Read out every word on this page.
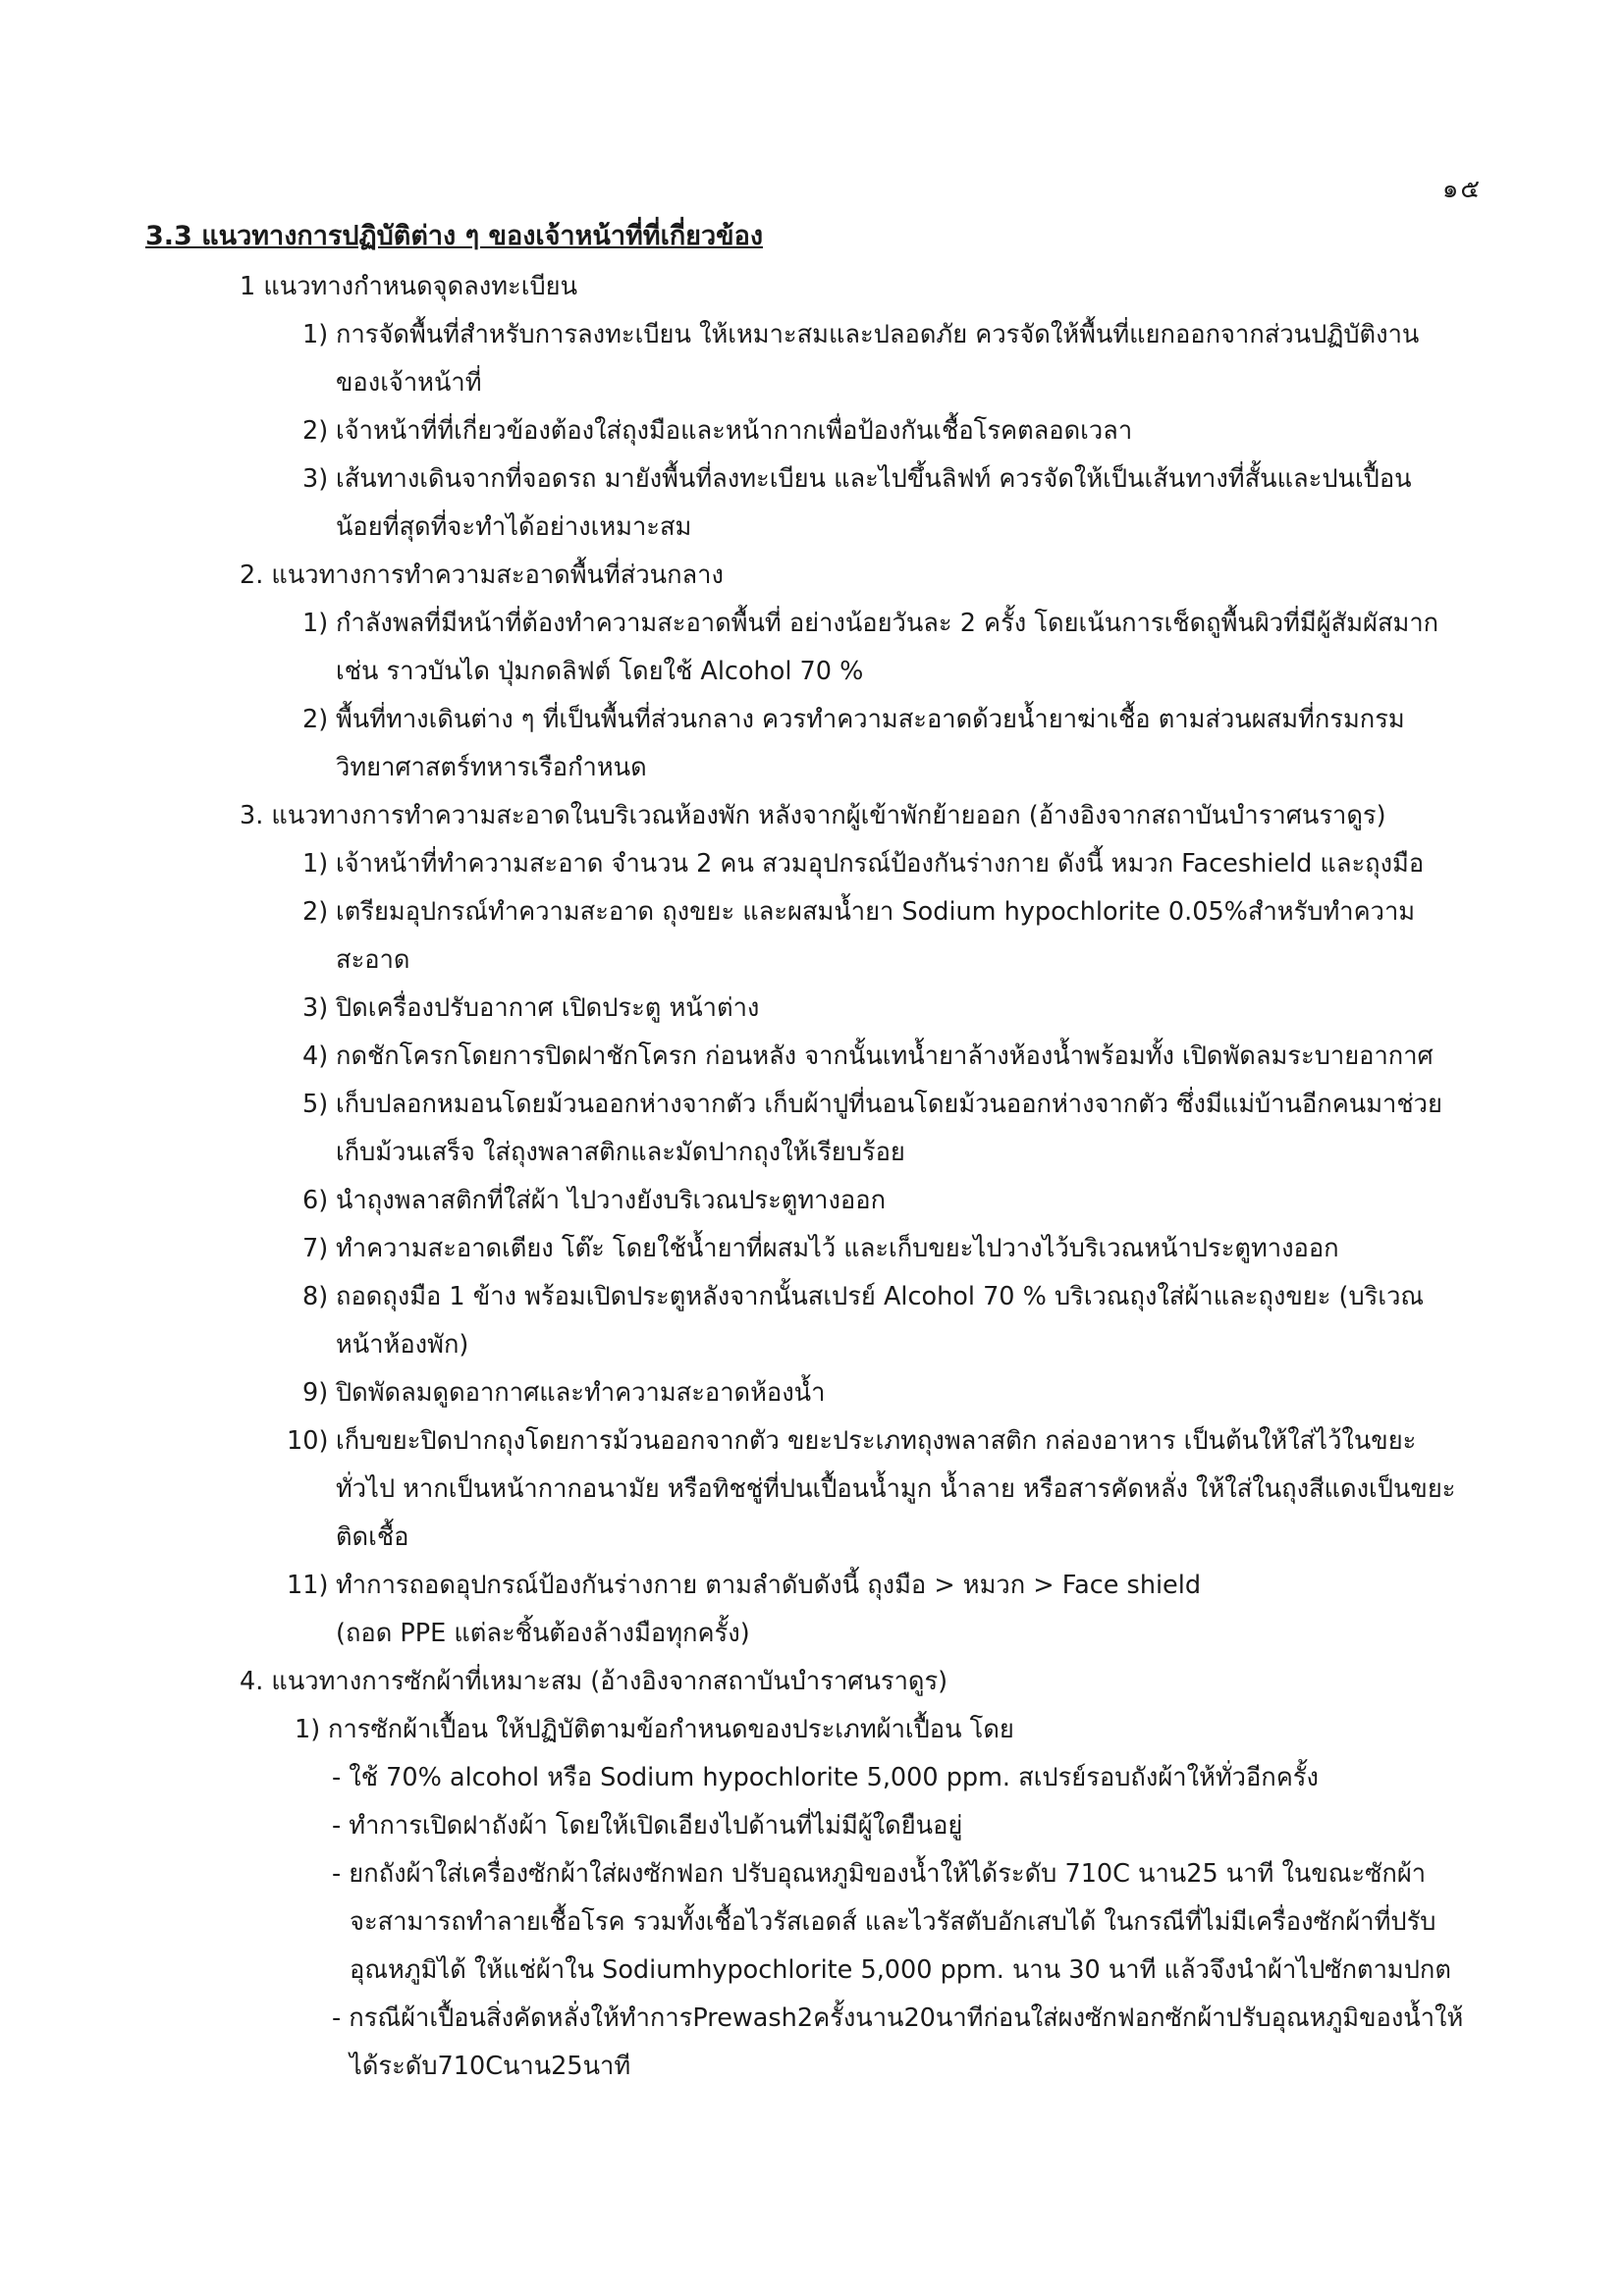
๑๕
3.3 แนวทางการปฏิบัติต่าง ๆ ของเจ้าหน้าที่ที่เกี่ยวข้อง
1 แนวทางกำหนดจุดลงทะเบียน
1) การจัดพื้นที่สำหรับการลงทะเบียน ให้เหมาะสมและปลอดภัย ควรจัดให้พื้นที่แยกออกจากส่วนปฏิบัติงาน
ของเจ้าหน้าที่
2) เจ้าหน้าที่ที่เกี่ยวข้องต้องใส่ถุงมือและหน้ากากเพื่อป้องกันเชื้อโรคตลอดเวลา
3) เส้นทางเดินจากที่จอดรถ มายังพื้นที่ลงทะเบียน และไปขึ้นลิฟท์ ควรจัดให้เป็นเส้นทางที่สั้นและปนเปื้อน
น้อยที่สุดที่จะทำได้อย่างเหมาะสม
2. แนวทางการทำความสะอาดพื้นที่ส่วนกลาง
1) กำลังพลที่มีหน้าที่ต้องทำความสะอาดพื้นที่ อย่างน้อยวันละ 2 ครั้ง โดยเน้นการเช็ดถูพื้นผิวที่มีผู้สัมผัสมาก
เช่น ราวบันได ปุ่มกดลิฟต์ โดยใช้ Alcohol 70 %
2) พื้นที่ทางเดินต่าง ๆ ที่เป็นพื้นที่ส่วนกลาง ควรทำความสะอาดด้วยน้ำยาฆ่าเชื้อ ตามส่วนผสมที่กรมกรม
วิทยาศาสตร์ทหารเรือกำหนด
3. แนวทางการทำความสะอาดในบริเวณห้องพัก หลังจากผู้เข้าพักย้ายออก (อ้างอิงจากสถาบันบำราศนราดูร)
1) เจ้าหน้าที่ทำความสะอาด จำนวน 2 คน สวมอุปกรณ์ป้องกันร่างกาย ดังนี้ หมวก Faceshield และถุงมือ
2) เตรียมอุปกรณ์ทำความสะอาด ถุงขยะ และผสมน้ำยา Sodium hypochlorite 0.05%สำหรับทำความ
สะอาด
3) ปิดเครื่องปรับอากาศ เปิดประตู หน้าต่าง
4) กดชักโครกโดยการปิดฝาชักโครก ก่อนหลัง จากนั้นเทน้ำยาล้างห้องน้ำพร้อมทั้ง เปิดพัดลมระบายอากาศ
5) เก็บปลอกหมอนโดยม้วนออกห่างจากตัว เก็บผ้าปูที่นอนโดยม้วนออกห่างจากตัว ซึ่งมีแม่บ้านอีกคนมาช่วย
เก็บม้วนเสร็จ ใส่ถุงพลาสติกและมัดปากถุงให้เรียบร้อย
6) นำถุงพลาสติกที่ใส่ผ้า ไปวางยังบริเวณประตูทางออก
7) ทำความสะอาดเตียง โต๊ะ โดยใช้น้ำยาที่ผสมไว้ และเก็บขยะไปวางไว้บริเวณหน้าประตูทางออก
8) ถอดถุงมือ 1 ข้าง พร้อมเปิดประตูหลังจากนั้นสเปรย์ Alcohol 70 % บริเวณถุงใส่ผ้าและถุงขยะ (บริเวณ
หน้าห้องพัก)
9) ปิดพัดลมดูดอากาศและทำความสะอาดห้องน้ำ
10) เก็บขยะปิดปากถุงโดยการม้วนออกจากตัว ขยะประเภทถุงพลาสติก กล่องอาหาร เป็นต้นให้ใส่ไว้ในขยะ
ทั่วไป หากเป็นหน้ากากอนามัย หรือทิชชู่ที่ปนเปื้อนน้ำมูก น้ำลาย หรือสารคัดหลั่ง ให้ใส่ในถุงสีแดงเป็นขยะ
ติดเชื้อ
11) ทำการถอดอุปกรณ์ป้องกันร่างกาย ตามลำดับดังนี้ ถุงมือ > หมวก > Face shield
(ถอด PPE แต่ละชิ้นต้องล้างมือทุกครั้ง)
4. แนวทางการซักผ้าที่เหมาะสม (อ้างอิงจากสถาบันบำราศนราดูร)
1) การซักผ้าเปื้อน ให้ปฏิบัติตามข้อกำหนดของประเภทผ้าเปื้อน โดย
- ใช้ 70% alcohol หรือ Sodium hypochlorite 5,000 ppm. สเปรย์รอบถังผ้าให้ทั่วอีกครั้ง
- ทำการเปิดฝาถังผ้า โดยให้เปิดเอียงไปด้านที่ไม่มีผู้ใดยืนอยู่
- ยกถังผ้าใส่เครื่องซักผ้าใส่ผงซักฟอก ปรับอุณหภูมิของน้ำให้ได้ระดับ 710C นาน25 นาที ในขณะซักผ้า
จะสามารถทำลายเชื้อโรค รวมทั้งเชื้อไวรัสเอดส์ และไวรัสตับอักเสบได้ ในกรณีที่ไม่มีเครื่องซักผ้าที่ปรับ
อุณหภูมิได้ ให้แช่ผ้าใน Sodiumhypochlorite 5,000 ppm. นาน 30 นาที แล้วจึงนำผ้าไปซักตามปกต
- กรณีผ้าเปื้อนสิ่งคัดหลั่งให้ทำการPrewash2ครั้งนาน20นาทีก่อนใส่ผงซักฟอกซักผ้าปรับอุณหภูมิของน้ำให้
ได้ระดับ710Cนาน25นาที
